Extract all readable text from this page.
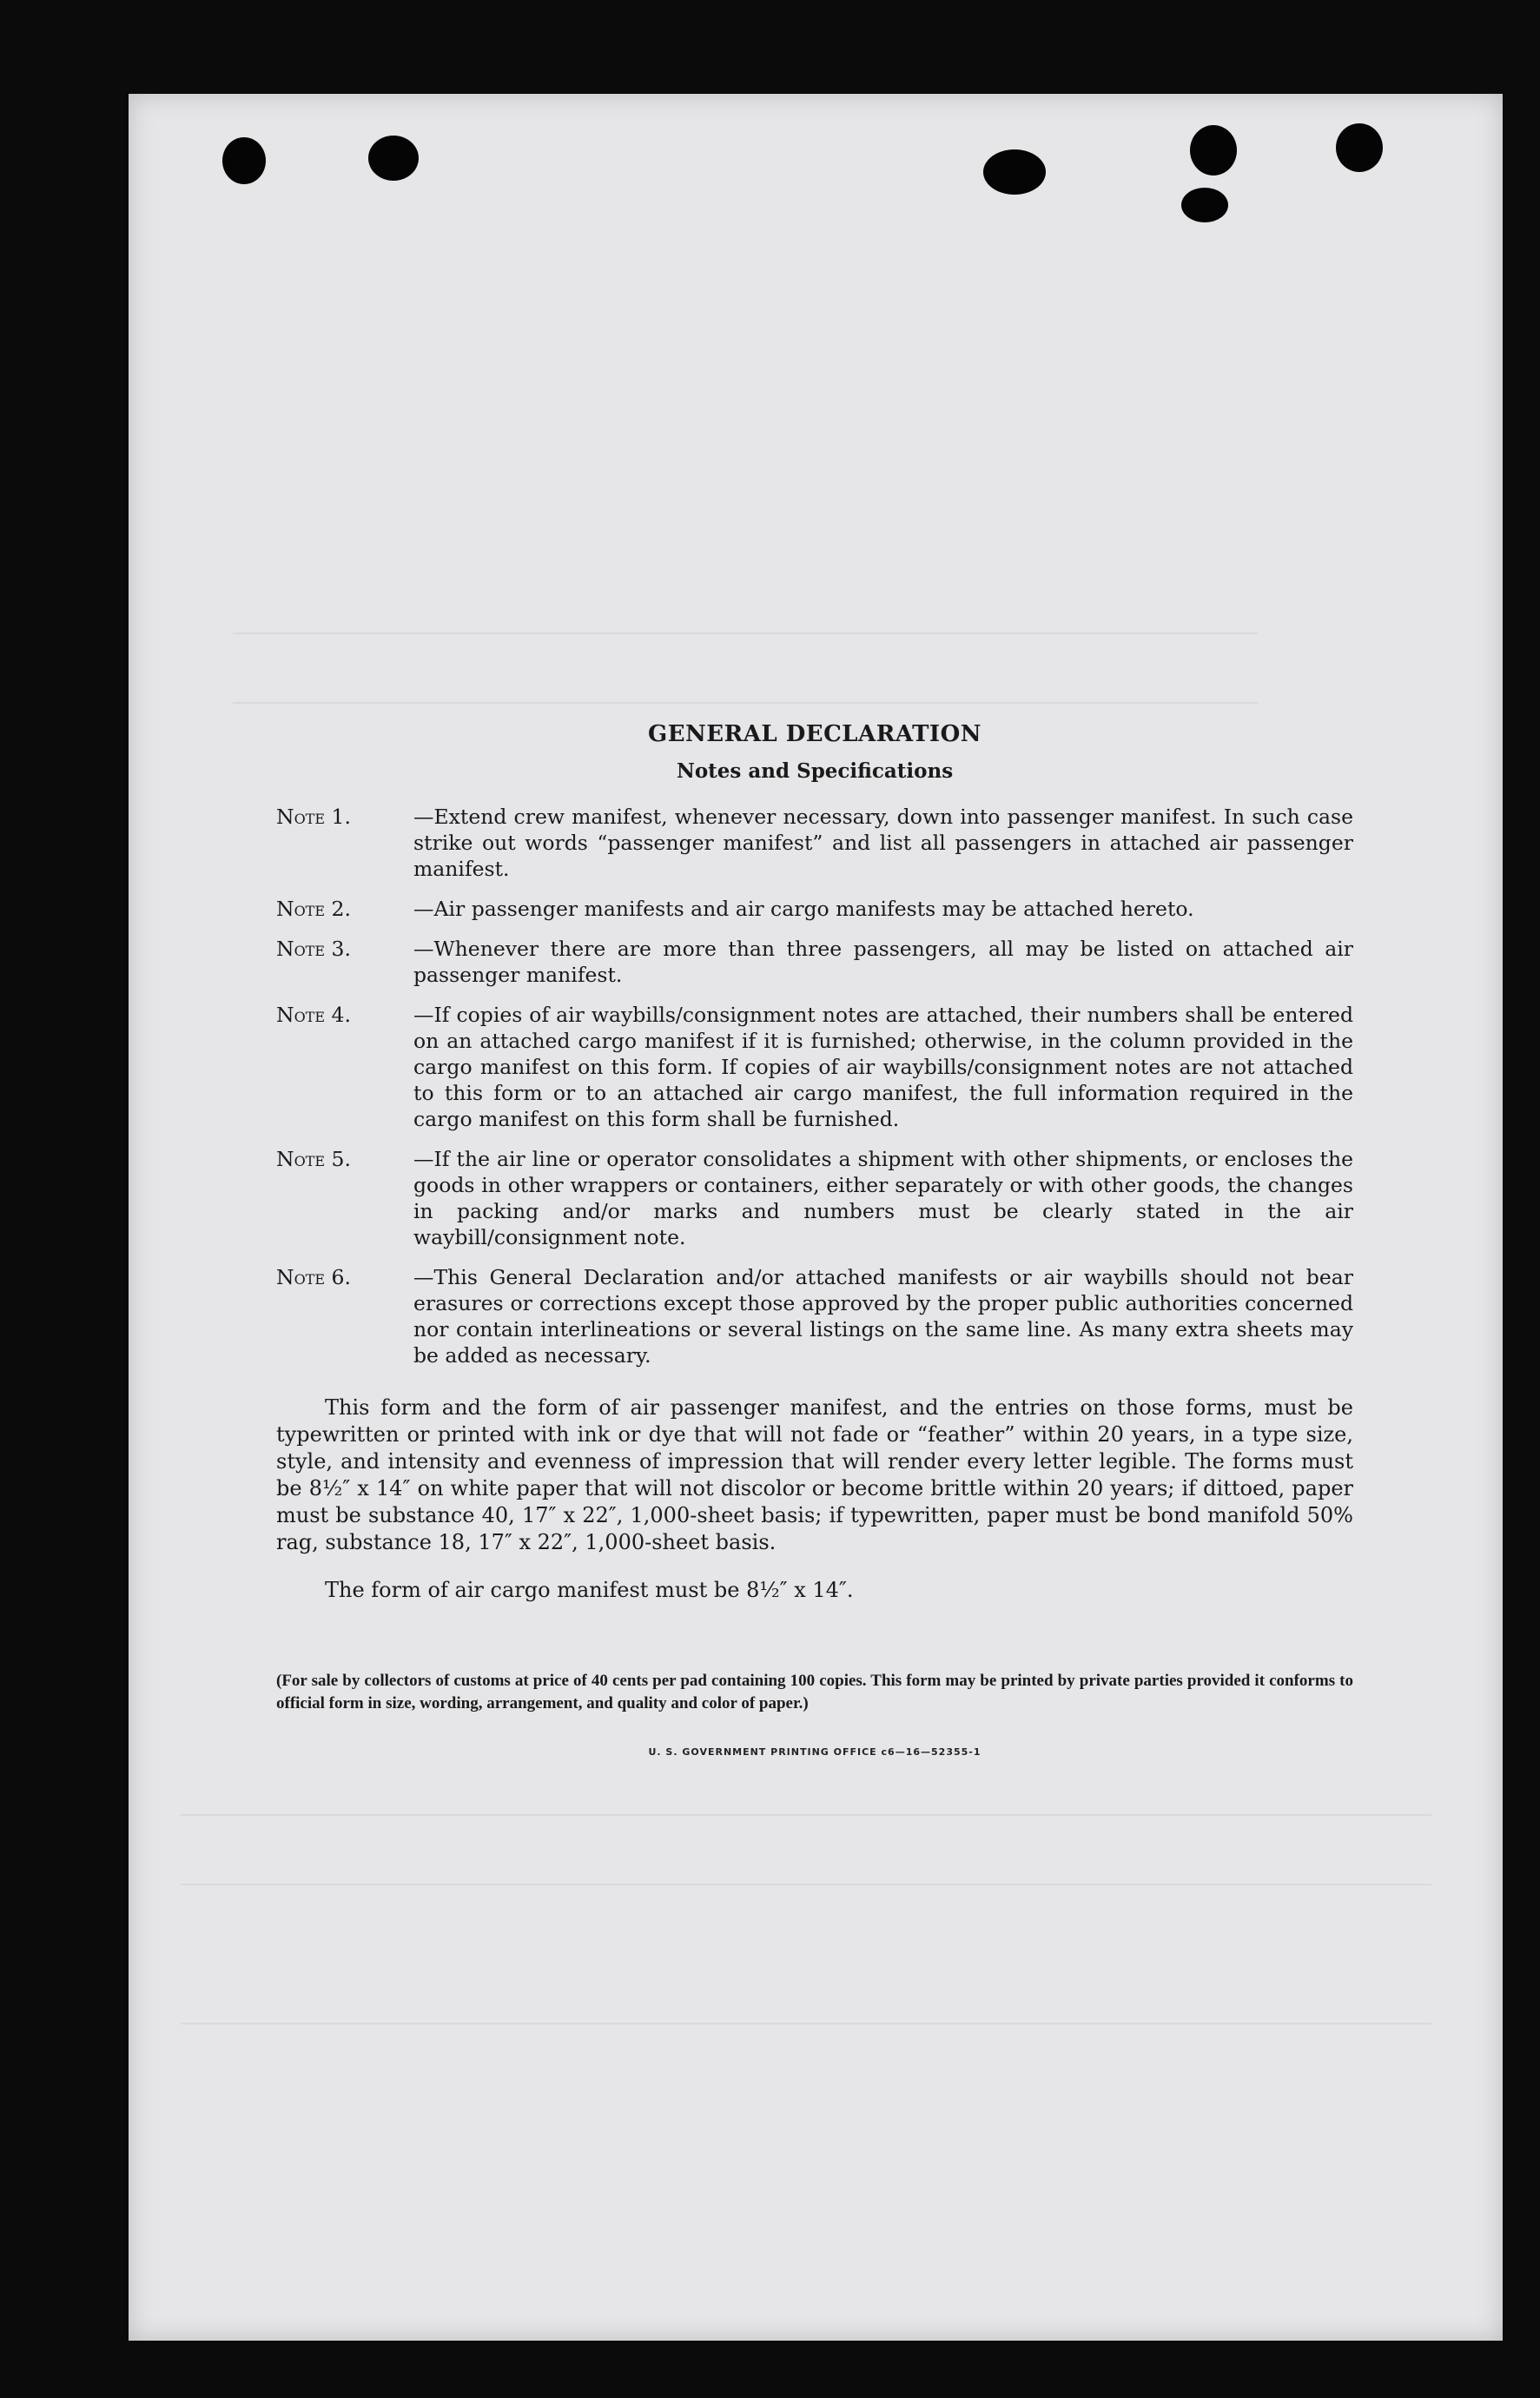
GENERAL DECLARATION
Notes and Specifications
Note 1.	—Extend crew manifest, whenever necessary, down into passenger manifest. In such case strike out words “passenger manifest” and list all passengers in attached air passenger manifest.
Note 2.	—Air passenger manifests and air cargo manifests may be attached hereto.
Note 3.	—Whenever there are more than three passengers, all may be listed on attached air passenger manifest.
Note 4.	—If copies of air waybills/consignment notes are attached, their numbers shall be entered on an attached cargo manifest if it is furnished; otherwise, in the column provided in the cargo manifest on this form. If copies of air waybills/consignment notes are not attached to this form or to an attached air cargo manifest, the full information required in the cargo manifest on this form shall be furnished.
Note 5.	—If the air line or operator consolidates a shipment with other shipments, or encloses the goods in other wrappers or containers, either separately or with other goods, the changes in packing and/or marks and numbers must be clearly stated in the air waybill/consignment note.
Note 6.	—This General Declaration and/or attached manifests or air waybills should not bear erasures or corrections except those approved by the proper public authorities concerned nor contain interlineations or several listings on the same line. As many extra sheets may be added as necessary.

This form and the form of air passenger manifest, and the entries on those forms, must be typewritten or printed with ink or dye that will not fade or “feather” within 20 years, in a type size, style, and intensity and evenness of impression that will render every letter legible. The forms must be 8½″ x 14″ on white paper that will not discolor or become brittle within 20 years; if dittoed, paper must be substance 40, 17″ x 22″, 1,000-sheet basis; if typewritten, paper must be bond manifold 50% rag, substance 18, 17″ x 22″, 1,000-sheet basis.

The form of air cargo manifest must be 8½″ x 14″.

(For sale by collectors of customs at price of 40 cents per pad containing 100 copies. This form may be printed by private parties provided it conforms to official form in size, wording, arrangement, and quality and color of paper.)
U. S. GOVERNMENT PRINTING OFFICE c6—16—52355-1
